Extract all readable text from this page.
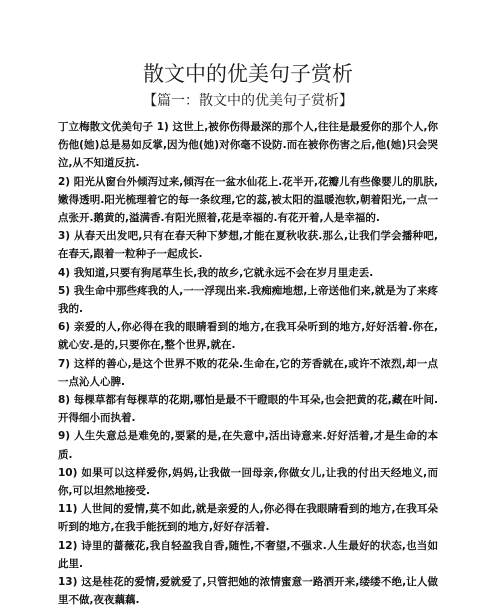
散文中的优美句子赏析
【篇一：散文中的优美句子赏析】

丁立梅散文优美句子 1) 这世上,被你伤得最深的那个人,往往是最爱你的那个人,你伤他(她)总是易如反掌,因为他(她)对你毫不设防.而在被你伤害之后,他(她)只会哭泣,从不知道反抗.

2) 阳光从窗台外倾泻过来,倾泻在一盆水仙花上.花半开,花瓣儿有些像婴儿的肌肤,嫩得透明.阳光梳理着它的每一条纹理,它的蕊,被太阳的温暖泡软,朝着阳光,一点一点张开.鹅黄的,溢满香.有阳光照着,花是幸福的.有花开着,人是幸福的.

3) 从春天出发吧,只有在春天种下梦想,才能在夏秋收获.那么,让我们学会播种吧,在春天,跟着一粒种子一起成长.

4) 我知道,只要有狗尾草生长,我的故乡,它就永远不会在岁月里走丢.

5) 我生命中那些疼我的人,一一浮现出来.我痴痴地想,上帝送他们来,就是为了来疼我的.

6) 亲爱的人,你必得在我的眼睛看到的地方,在我耳朵听到的地方,好好活着.你在,就心安.是的,只要你在,整个世界,就在.

7) 这样的善心,是这个世界不败的花朵.生命在,它的芳香就在,或许不浓烈,却一点一点沁人心脾.

8) 每棵草都有每棵草的花期,哪怕是最不干瞪眼的牛耳朵,也会把黄的花,藏在叶间.开得细小而执着.

9) 人生失意总是难免的,要紧的是,在失意中,活出诗意来.好好活着,才是生命的本质.

10) 如果可以这样爱你,妈妈,让我做一回母亲,你做女儿,让我的付出天经地义,而你,可以坦然地接受.

11) 人世间的爱情,莫不如此,就是亲爱的人,你必得在我眼睛看到的地方,在我耳朵听到的地方,在我手能抚到的地方,好好存活着.

12) 诗里的蔷薇花,我自轻盈我自香,随性,不奢望,不强求.人生最好的状态,也当如此里.

13) 这是桂花的爱情,爱就爱了,只管把她的浓情蜜意一路洒开来,缕缕不绝,让人做里不做,夜夜藕藕.
